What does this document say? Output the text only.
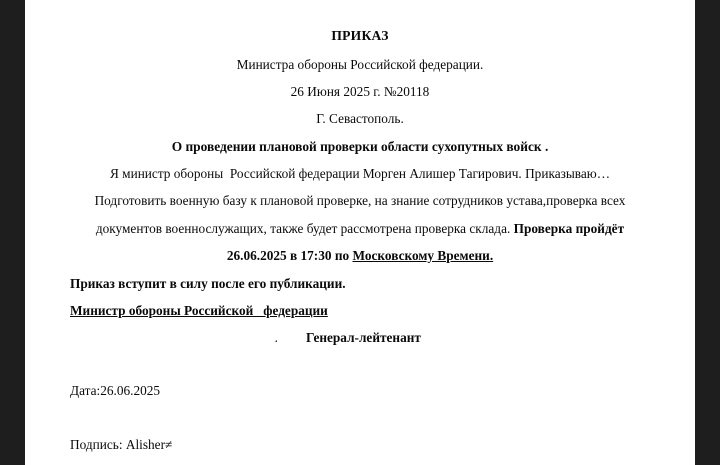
ПРИКАЗ
Министра обороны Российской федерации.
26 Июня 2025 г. №20118
Г. Севастополь.
О проведении плановой проверки области сухопутных войск .
Я министр обороны  Российской федерации Морген Алишер Тагирович. Приказываю…
Подготовить военную базу к плановой проверке, на знание сотрудников устава,проверка всех
документов военнослужащих, также будет рассмотрена проверка склада. Проверка пройдёт
26.06.2025 в 17:30 по Московскому Времени.
Приказ вступит в силу после его публикации.
Министр обороны Российской   федерации
. Генерал-лейтенант
Дата:26.06.2025
Подпись: Alisher≠
